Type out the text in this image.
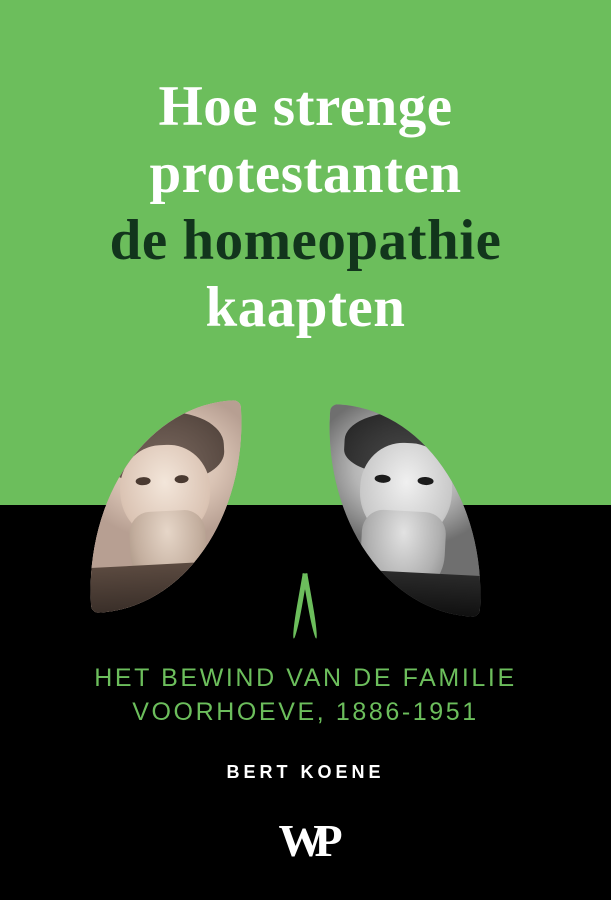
Hoe strenge
protestanten
de homeopathie
kaapten
HET BEWIND VAN DE FAMILIE
VOORHOEVE, 1886-1951
BERT KOENE
WP
